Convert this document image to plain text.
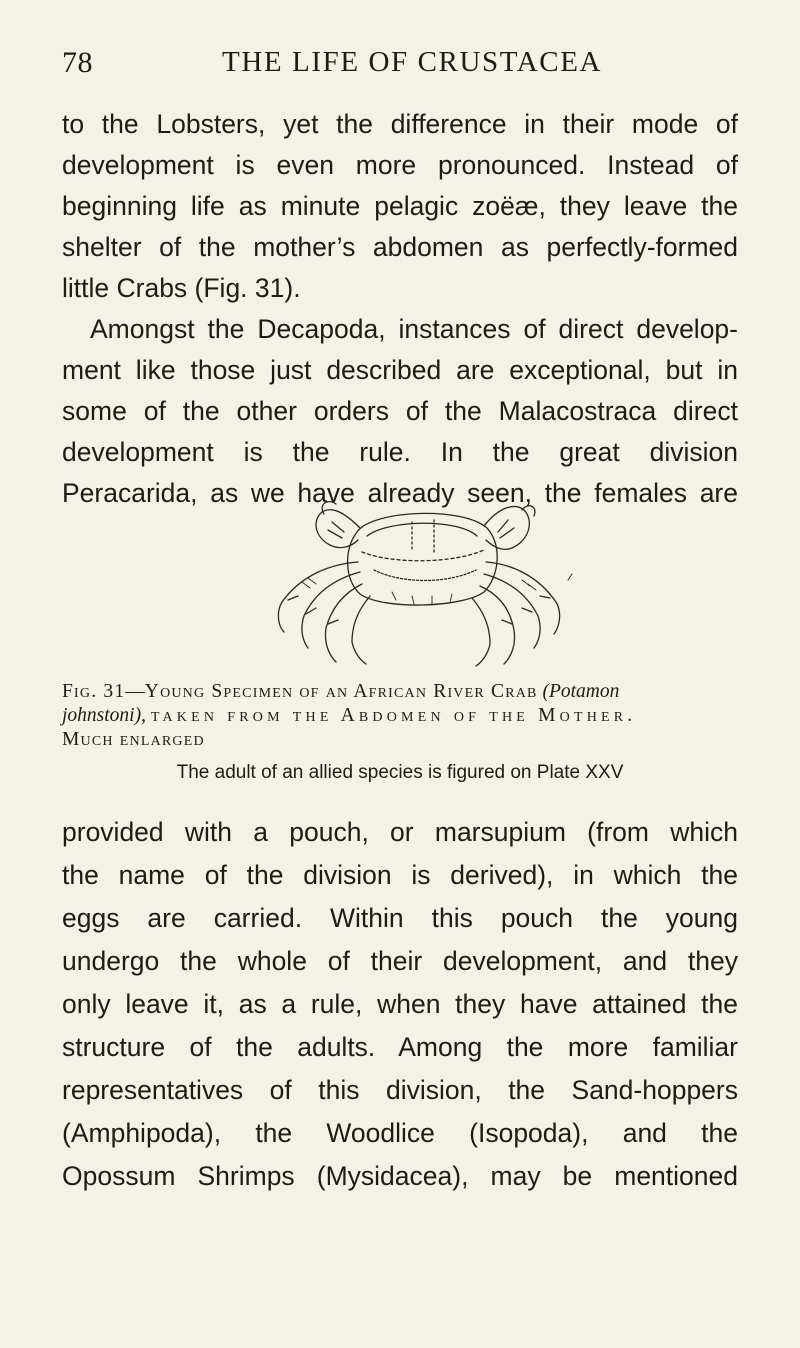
78	THE LIFE OF CRUSTACEA
to the Lobsters, yet the difference in their mode of
development is even more pronounced. Instead of
beginning life as minute pelagic zoëæ, they leave the
shelter of the mother’s abdomen as perfectly-formed
little Crabs (Fig. 31).
Amongst the Decapoda, instances of direct develop-
ment like those just described are exceptional, but in
some of the other orders of the Malacostraca direct
development is the rule. In the great division
Peracarida, as we have already seen, the females are
Fig. 31—Young Specimen of an African River Crab (Potamon
johnstoni), taken from the Abdomen of the Mother.
Much enlarged
The adult of an allied species is figured on Plate XXV
provided with a pouch, or marsupium (from which
the name of the division is derived), in which the
eggs are carried. Within this pouch the young
undergo the whole of their development, and they
only leave it, as a rule, when they have attained the
structure of the adults. Among the more familiar
representatives of this division, the Sand-hoppers
(Amphipoda), the Woodlice (Isopoda), and the
Opossum Shrimps (Mysidacea), may be mentioned
